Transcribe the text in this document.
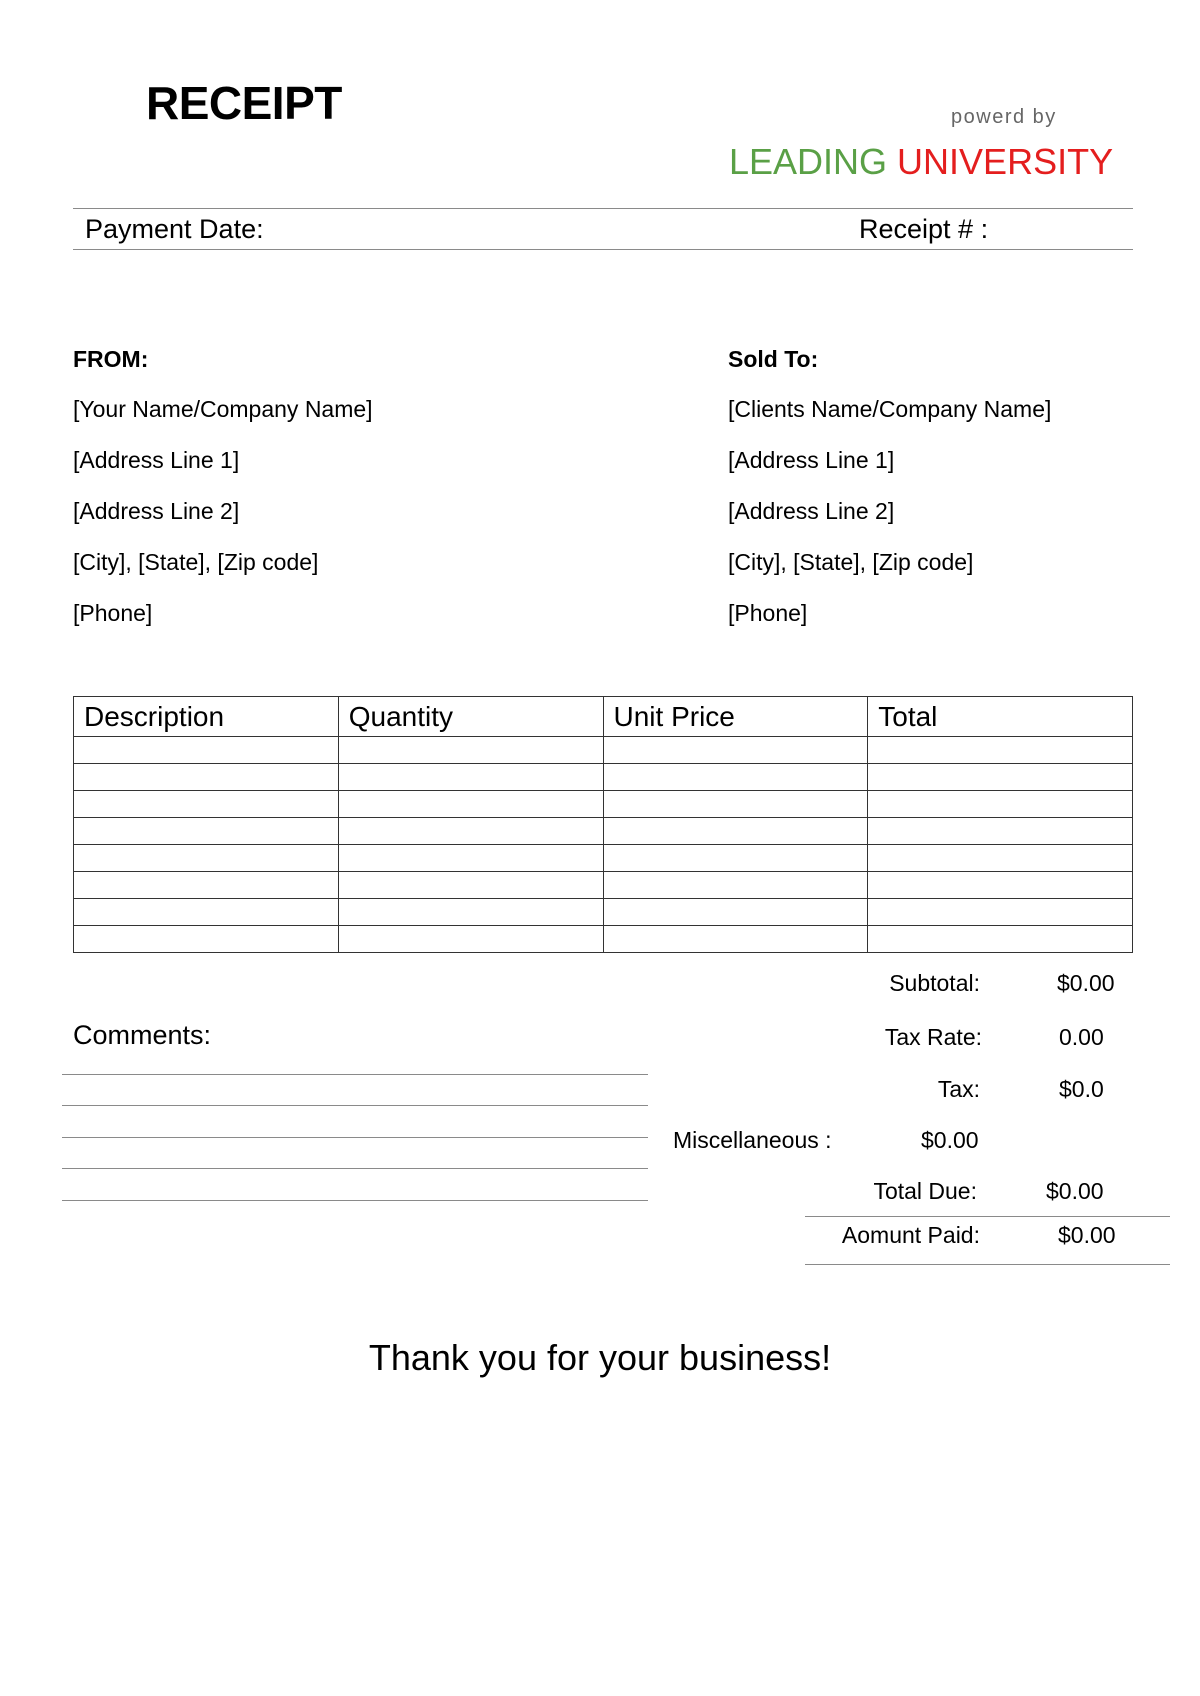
RECEIPT	powerd by
LEADING UNIVERSITY
Payment Date:	Receipt # :
FROM:
[Your Name/Company Name]
[Address Line 1]
[Address Line 2]
[City], [State], [Zip code]
[Phone]
Sold To:
[Clients Name/Company Name]
[Address Line 1]
[Address Line 2]
[City], [State], [Zip code]
[Phone]
Description	Quantity	Unit Price	Total

Comments:
Subtotal:	$0.00
Tax Rate:	0.00
Tax:	$0.0
Miscellaneous :	$0.00
Total Due:	$0.00
Aomunt Paid:	$0.00
Thank you for your business!
